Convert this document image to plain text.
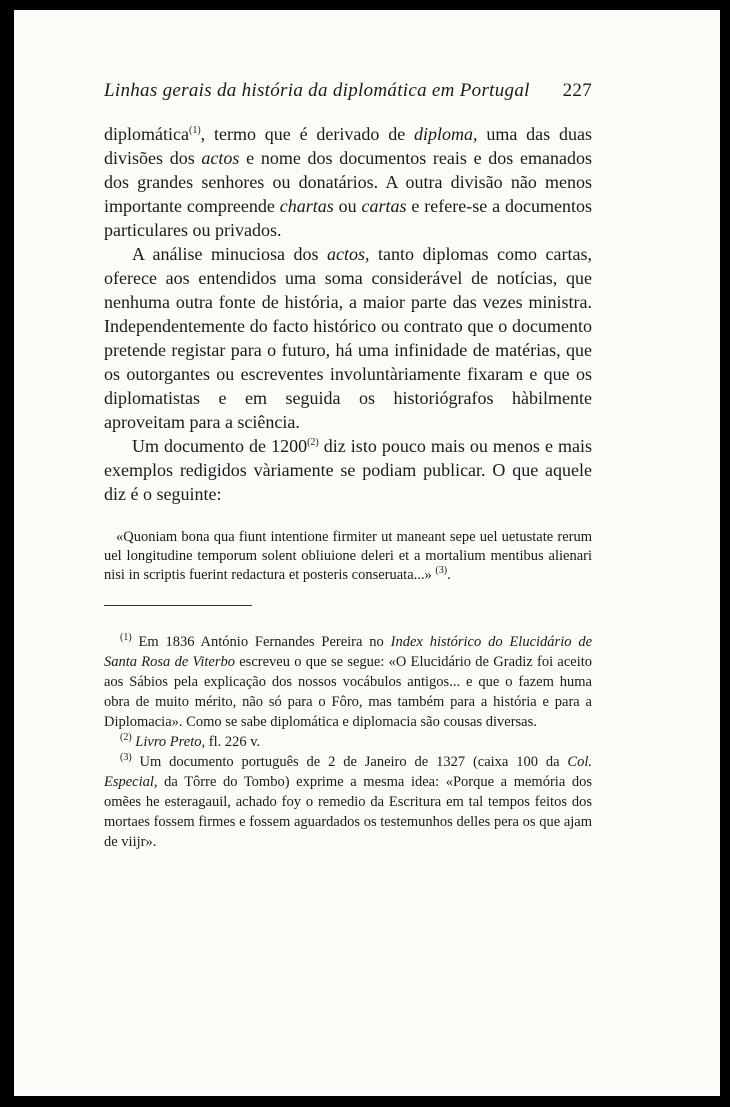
Linhas gerais da história da diplomática em Portugal 227

diplomática$^{(1)}$, termo que é derivado de diploma, uma das duas divisões dos actos e nome dos documentos reais e dos emanados dos grandes senhores ou donatários. A outra divisão não menos importante compreende chartas ou cartas e refere-se a documentos particulares ou privados.

A análise minuciosa dos actos, tanto diplomas como cartas, oferece aos entendidos uma soma considerável de notícias, que nenhuma outra fonte de história, a maior parte das vezes ministra. Independentemente do facto histórico ou contrato que o documento pretende registar para o futuro, há uma infinidade de matérias, que os outorgantes ou escreventes involuntàriamente fixaram e que os diplomatistas e em seguida os historiógrafos hàbilmente aproveitam para a sciência.

Um documento de 1200$^{(2)}$ diz isto pouco mais ou menos e mais exemplos redigidos vàriamente se podiam publicar. O que aquele diz é o seguinte:

«Quoniam bona qua fiunt intentione firmiter ut maneant sepe uel uetustate rerum uel longitudine temporum solent obliuione deleri et a mortalium mentibus alienari nisi in scriptis fuerint redactura et posteris conseruata...» $^{(3)}$.

$^{(1)}$ Em 1836 António Fernandes Pereira no Index histórico do Elucidário de Santa Rosa de Viterbo escreveu o que se segue: «O Elucidário de Gradiz foi aceito aos Sábios pela explicação dos nossos vocábulos antigos... e que o fazem huma obra de muito mérito, não só para o Fôro, mas também para a história e para a Diplomacia». Como se sabe diplomática e diplomacia são cousas diversas.

$^{(2)}$ Livro Preto, fl. 226 v.

$^{(3)}$ Um documento português de 2 de Janeiro de 1327 (caixa 100 da Col. Especial, da Tôrre do Tombo) exprime a mesma idea: «Porque a memória dos omẽes he esteragauil, achado foy o remedio da Escritura em tal tempos feitos dos mortaes fossem firmes e fossem aguardados os testemunhos delles pera os que ajam de viijr».
